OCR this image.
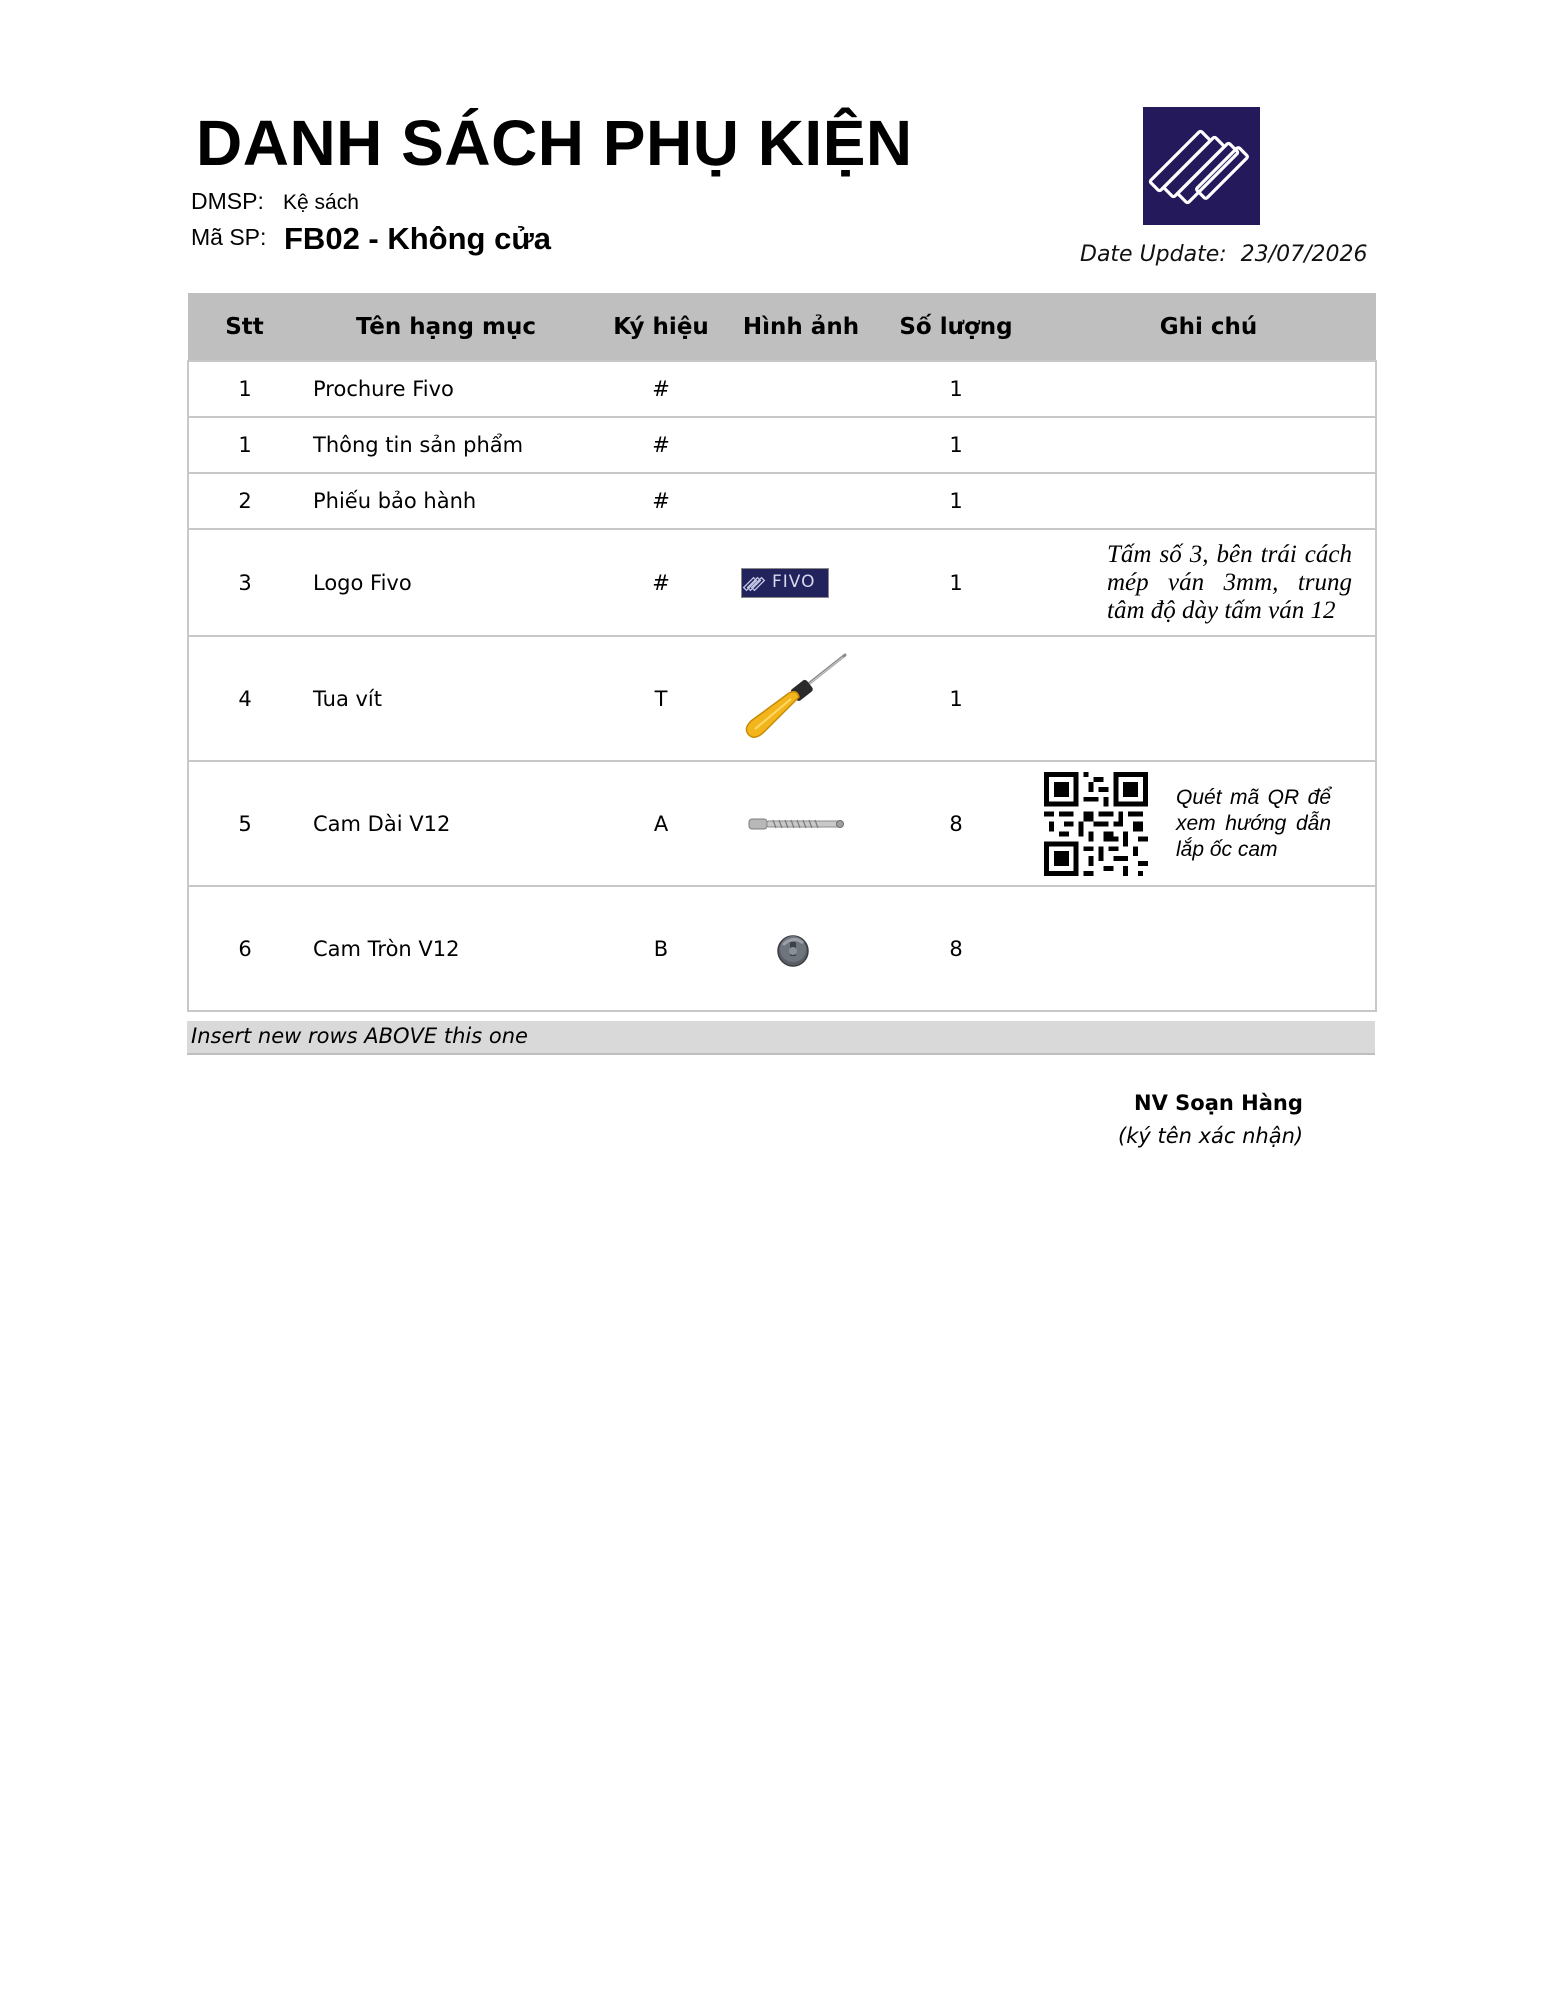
DANH SÁCH PHỤ KIỆN
DMSP: Kệ sách
Mã SP: FB02 - Không cửa	Date Update: 23/07/2026
Stt	Tên hạng mục	Ký hiệu	Hình ảnh	Số lượng	Ghi chú
1	Prochure Fivo	#		1	
1	Thông tin sản phẩm	#		1	
2	Phiếu bảo hành	#		1	
3	Logo Fivo	#	FIVO	1	Tấm số 3, bên trái cách mép ván 3mm, trung tâm độ dày tấm ván 12

4	Tua vít	T		1	
5	Cam Dài V12	A		8	Quét mã QR để xem hướng dẫn lắp ốc cam

6	Cam Tròn V12	B		8	
Insert new rows ABOVE this one
NV Soạn Hàng
(ký tên xác nhận)
